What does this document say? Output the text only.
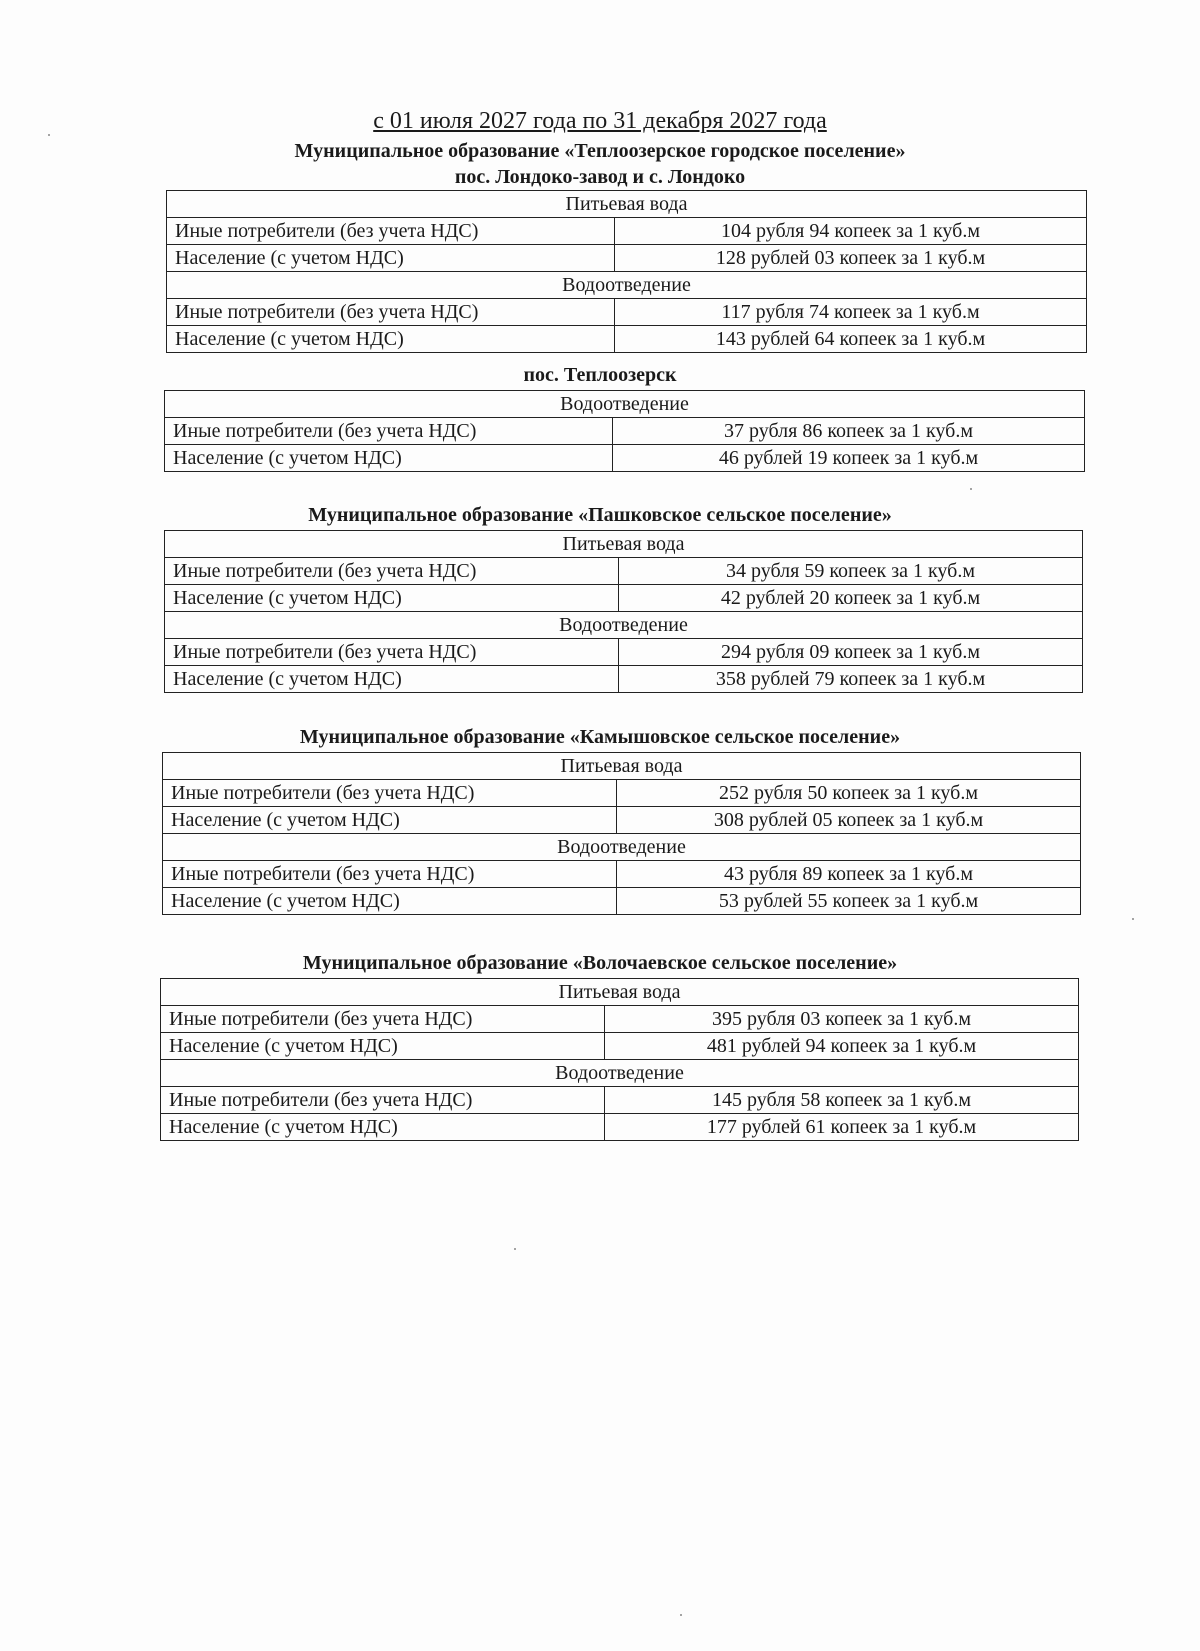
с 01 июля 2027 года по 31 декабря 2027 года
Муниципальное образование «Теплоозерское городское поселение»
пос. Лондоко-завод и с. Лондоко
Питьевая вода	
Иные потребители (без учета НДС)	104 рубля 94 копеек за 1 куб.м
Население (с учетом НДС)	128 рублей 03 копеек за 1 куб.м
Водоотведение	
Иные потребители (без учета НДС)	117 рубля 74 копеек за 1 куб.м
Население (с учетом НДС)	143 рублей 64 копеек за 1 куб.м
пос. Теплоозерск
Водоотведение	
Иные потребители (без учета НДС)	37 рубля 86 копеек за 1 куб.м
Население (с учетом НДС)	46 рублей 19 копеек за 1 куб.м
Муниципальное образование «Пашковское сельское поселение»
Питьевая вода	
Иные потребители (без учета НДС)	34 рубля 59 копеек за 1 куб.м
Население (с учетом НДС)	42 рублей 20 копеек за 1 куб.м
Водоотведение	
Иные потребители (без учета НДС)	294 рубля 09 копеек за 1 куб.м
Население (с учетом НДС)	358 рублей 79 копеек за 1 куб.м
Муниципальное образование «Камышовское сельское поселение»
Питьевая вода	
Иные потребители (без учета НДС)	252 рубля 50 копеек за 1 куб.м
Население (с учетом НДС)	308 рублей 05 копеек за 1 куб.м
Водоотведение	
Иные потребители (без учета НДС)	43 рубля 89 копеек за 1 куб.м
Население (с учетом НДС)	53 рублей 55 копеек за 1 куб.м
Муниципальное образование «Волочаевское сельское поселение»
Питьевая вода	
Иные потребители (без учета НДС)	395 рубля 03 копеек за 1 куб.м
Население (с учетом НДС)	481 рублей 94 копеек за 1 куб.м
Водоотведение	
Иные потребители (без учета НДС)	145 рубля 58 копеек за 1 куб.м
Население (с учетом НДС)	177 рублей 61 копеек за 1 куб.м
